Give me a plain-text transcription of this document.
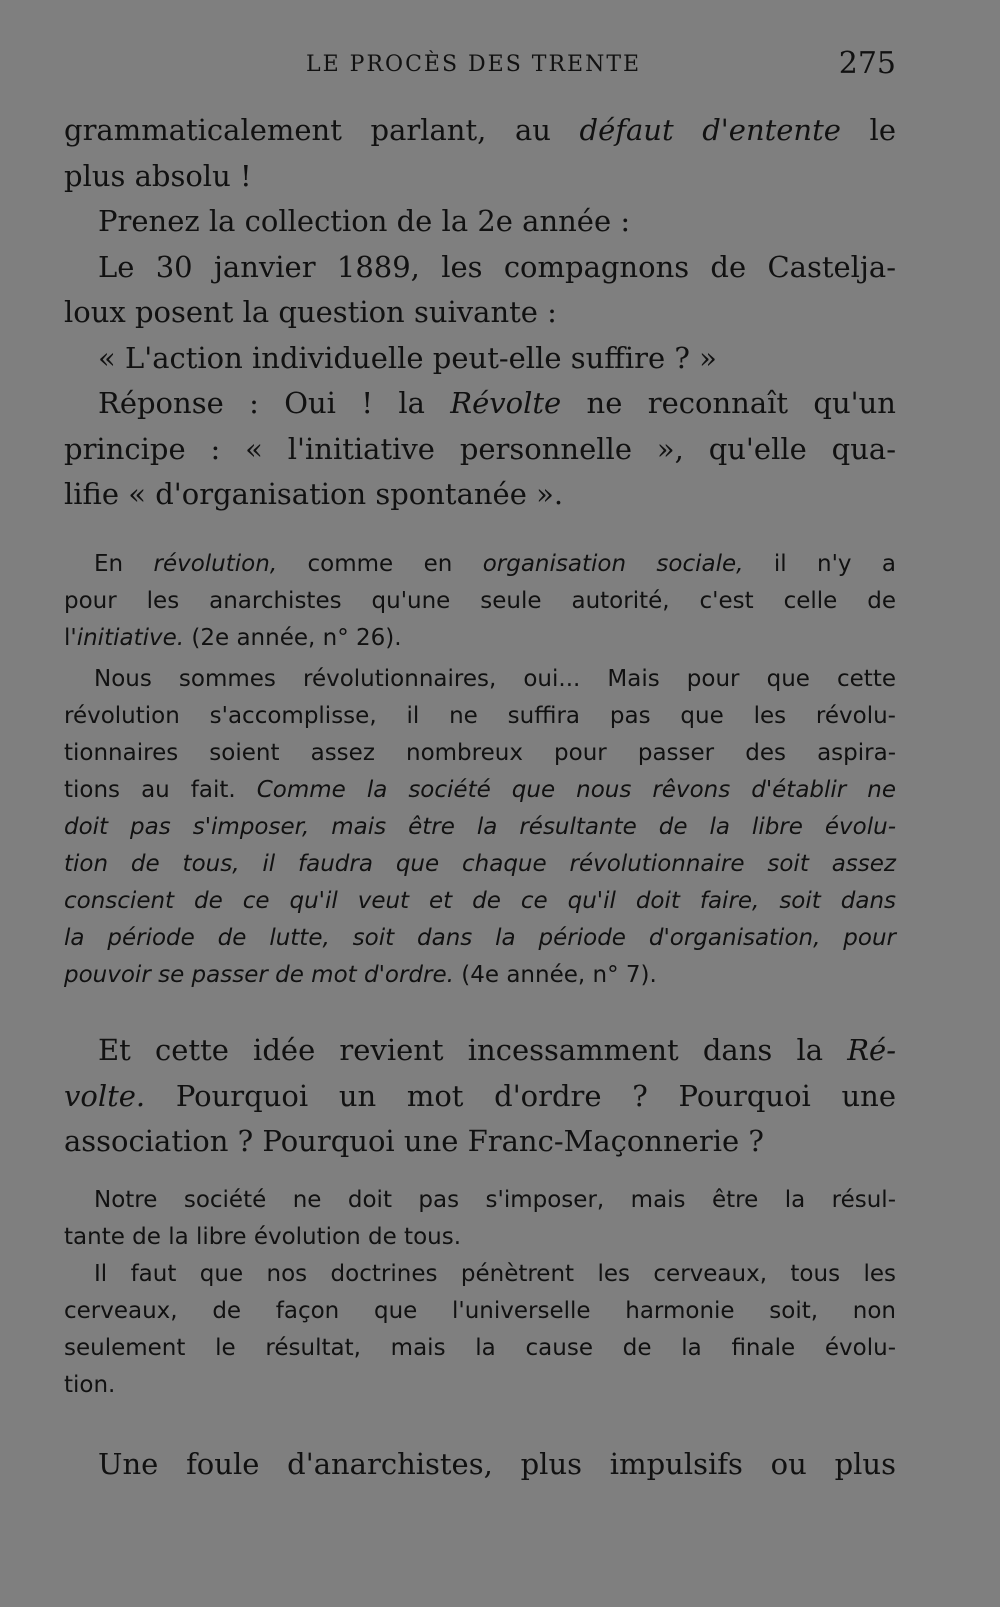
LE PROCÈS DES TRENTE	275
grammaticalement parlant, au défaut d'entente le
plus absolu !
Prenez la collection de la 2e année :
Le 30 janvier 1889, les compagnons de Castelja-
loux posent la question suivante :
« L'action individuelle peut-elle suffire ? »
Réponse : Oui ! la Révolte ne reconnaît qu'un
principe : « l'initiative personnelle », qu'elle qua-
lifie « d'organisation spontanée ».
En révolution, comme en organisation sociale, il n'y a
pour les anarchistes qu'une seule autorité, c'est celle de
l'initiative. (2e année, n° 26).
Nous sommes révolutionnaires, oui... Mais pour que cette
révolution s'accomplisse, il ne suffira pas que les révolu-
tionnaires soient assez nombreux pour passer des aspira-
tions au fait. Comme la société que nous rêvons d'établir ne
doit pas s'imposer, mais être la résultante de la libre évolu-
tion de tous, il faudra que chaque révolutionnaire soit assez
conscient de ce qu'il veut et de ce qu'il doit faire, soit dans
la période de lutte, soit dans la période d'organisation, pour
pouvoir se passer de mot d'ordre. (4e année, n° 7).
Et cette idée revient incessamment dans la Ré-
volte. Pourquoi un mot d'ordre ? Pourquoi une
association ? Pourquoi une Franc-Maçonnerie ?
Notre société ne doit pas s'imposer, mais être la résul-
tante de la libre évolution de tous.
Il faut que nos doctrines pénètrent les cerveaux, tous les
cerveaux, de façon que l'universelle harmonie soit, non
seulement le résultat, mais la cause de la finale évolu-
tion.
Une foule d'anarchistes, plus impulsifs ou plus
